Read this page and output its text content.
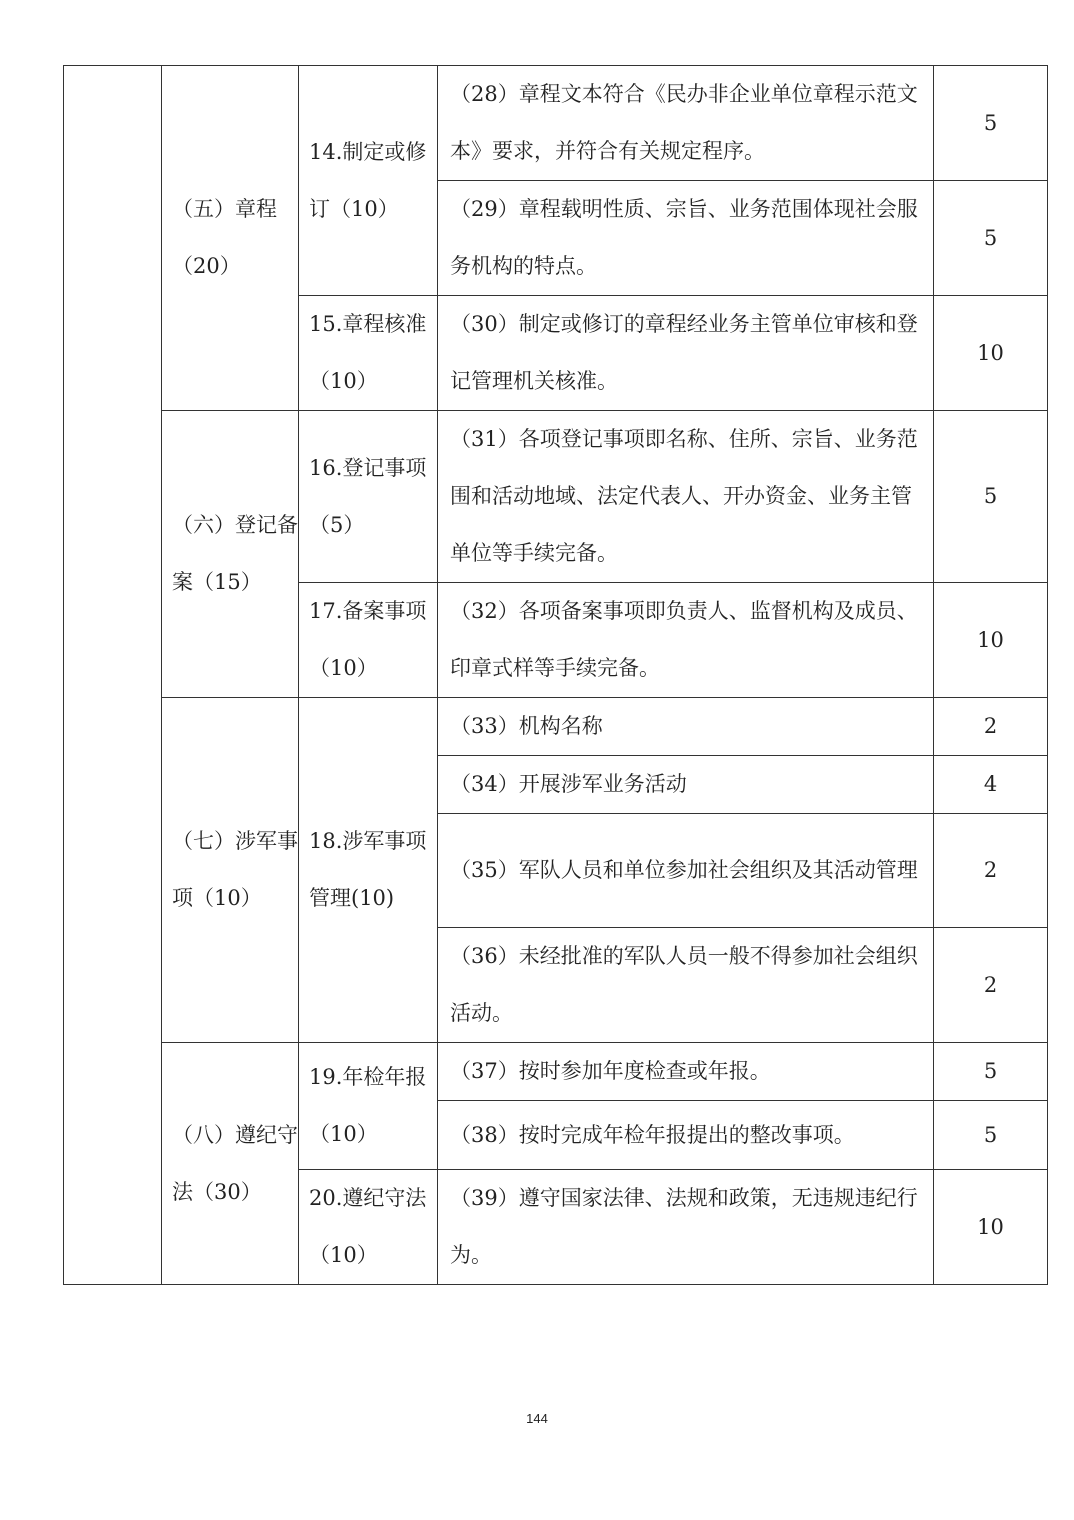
	（五）章程（20）	14.制定或修订（10）	（28）章程文本符合《民办非企业单位章程示范文本》要求，并符合有关规定程序。	5
			（29）章程载明性质、宗旨、业务范围体现社会服务机构的特点。	5
		15.章程核准（10）	（30）制定或修订的章程经业务主管单位审核和登记管理机关核准。	10
	（六）登记备案（15）	16.登记事项（5）	（31）各项登记事项即名称、住所、宗旨、业务范围和活动地域、法定代表人、开办资金、业务主管单位等手续完备。	5
		17.备案事项（10）	（32）各项备案事项即负责人、监督机构及成员、印章式样等手续完备。	10
	（七）涉军事项（10）	18.涉军事项管理(10)	（33）机构名称	2
			（34）开展涉军业务活动	4
			（35）军队人员和单位参加社会组织及其活动管理	2
			（36）未经批准的军队人员一般不得参加社会组织活动。	2
	（八）遵纪守法（30）	19.年检年报（10）	（37）按时参加年度检查或年报。	5
			（38）按时完成年检年报提出的整改事项。	5
		20.遵纪守法（10）	（39）遵守国家法律、法规和政策，无违规违纪行为。	10
144
